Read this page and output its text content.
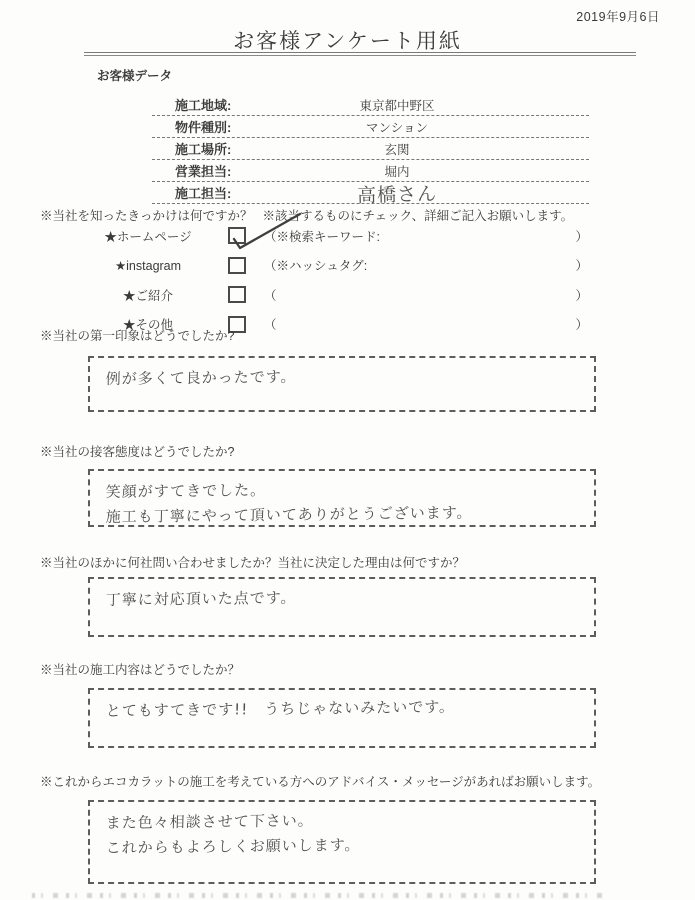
2019年9月6日
お客様アンケート用紙
お客様データ
施工地域:	東京都中野区
物件種別:	マンション
施工場所:	玄関
営業担当:	堀内
施工担当:	高橋さん
※当社を知ったきっかけは何ですか？ ※該当するものにチェック、詳細ご記入お願いします。
★ホームページ	（※検索キーワード:	）
★instagram	（※ハッシュタグ:	）
★ご紹介	（	）
★その他	（	）
※当社の第一印象はどうでしたか?
例が多くて良かったです。
※当社の接客態度はどうでしたか?
笑顔がすてきでした。
施工も丁寧にやって頂いてありがとうございます。
※当社のほかに何社問い合わせましたか？当社に決定した理由は何ですか？
丁寧に対応頂いた点です。
※当社の施工内容はどうでしたか？
とてもすてきです!!　うちじゃないみたいです。
※これからエコカラットの施工を考えている方へのアドバイス・メッセージがあればお願いします。
また色々相談させて下さい。
これからもよろしくお願いします。
